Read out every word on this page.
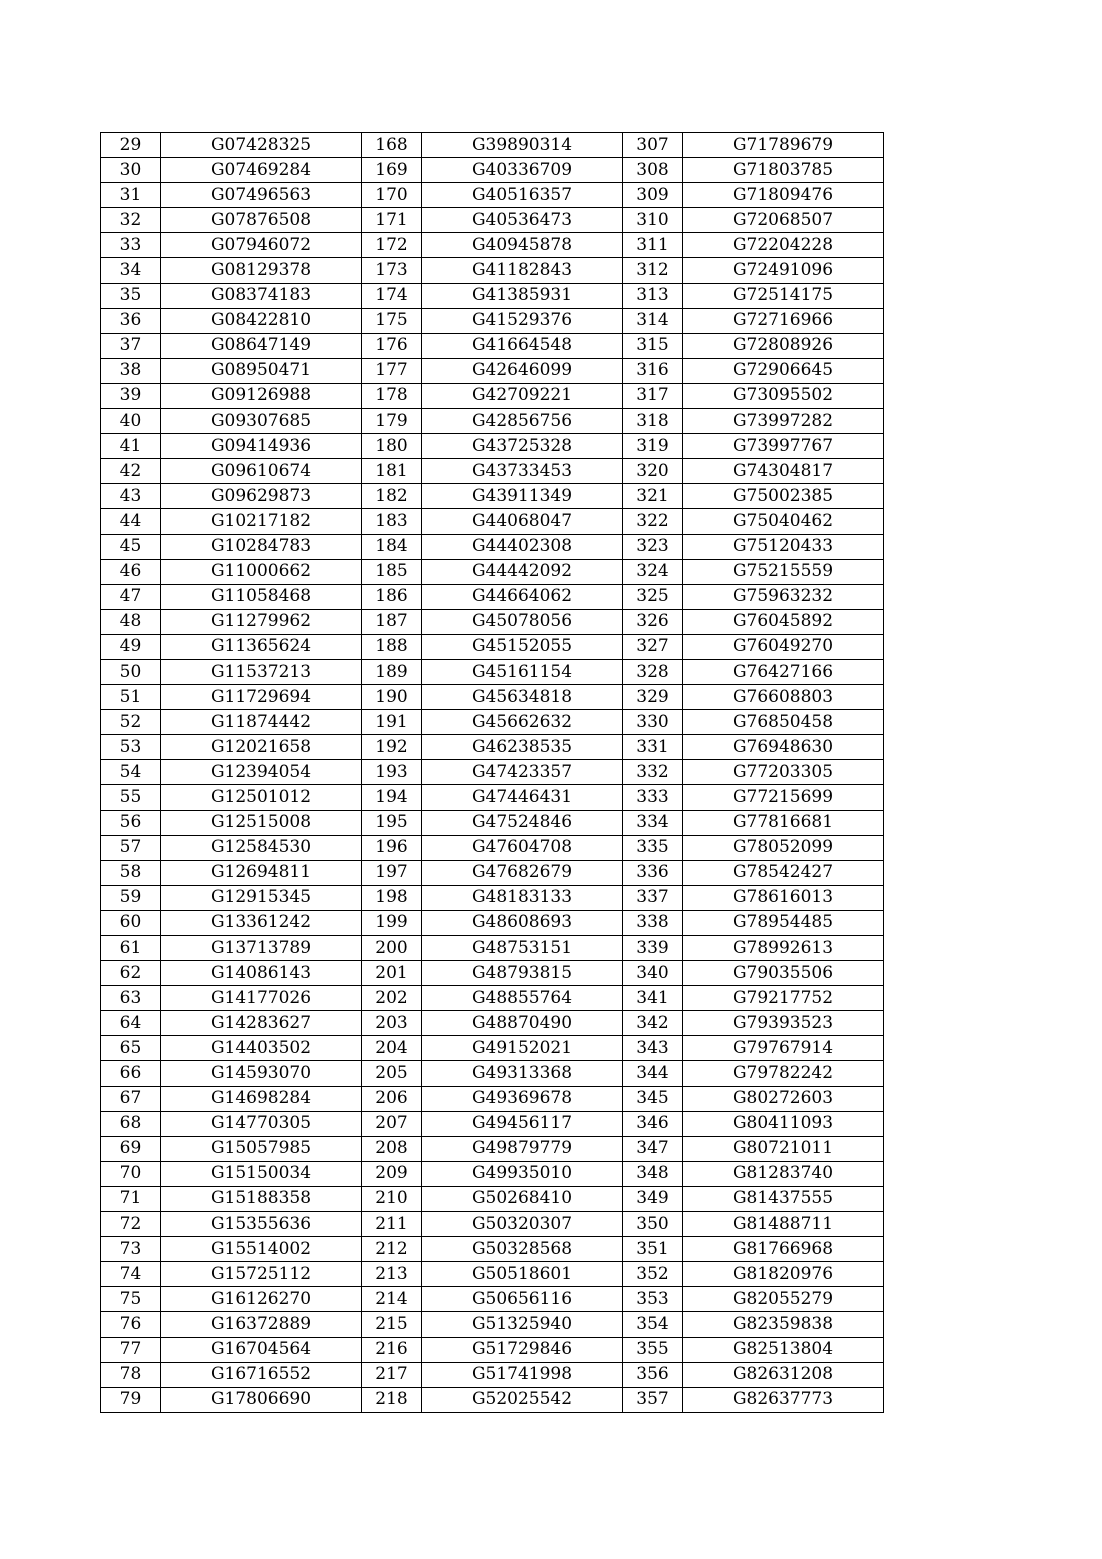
29	G07428325	168	G39890314	307	G71789679
30	G07469284	169	G40336709	308	G71803785
31	G07496563	170	G40516357	309	G71809476
32	G07876508	171	G40536473	310	G72068507
33	G07946072	172	G40945878	311	G72204228
34	G08129378	173	G41182843	312	G72491096
35	G08374183	174	G41385931	313	G72514175
36	G08422810	175	G41529376	314	G72716966
37	G08647149	176	G41664548	315	G72808926
38	G08950471	177	G42646099	316	G72906645
39	G09126988	178	G42709221	317	G73095502
40	G09307685	179	G42856756	318	G73997282
41	G09414936	180	G43725328	319	G73997767
42	G09610674	181	G43733453	320	G74304817
43	G09629873	182	G43911349	321	G75002385
44	G10217182	183	G44068047	322	G75040462
45	G10284783	184	G44402308	323	G75120433
46	G11000662	185	G44442092	324	G75215559
47	G11058468	186	G44664062	325	G75963232
48	G11279962	187	G45078056	326	G76045892
49	G11365624	188	G45152055	327	G76049270
50	G11537213	189	G45161154	328	G76427166
51	G11729694	190	G45634818	329	G76608803
52	G11874442	191	G45662632	330	G76850458
53	G12021658	192	G46238535	331	G76948630
54	G12394054	193	G47423357	332	G77203305
55	G12501012	194	G47446431	333	G77215699
56	G12515008	195	G47524846	334	G77816681
57	G12584530	196	G47604708	335	G78052099
58	G12694811	197	G47682679	336	G78542427
59	G12915345	198	G48183133	337	G78616013
60	G13361242	199	G48608693	338	G78954485
61	G13713789	200	G48753151	339	G78992613
62	G14086143	201	G48793815	340	G79035506
63	G14177026	202	G48855764	341	G79217752
64	G14283627	203	G48870490	342	G79393523
65	G14403502	204	G49152021	343	G79767914
66	G14593070	205	G49313368	344	G79782242
67	G14698284	206	G49369678	345	G80272603
68	G14770305	207	G49456117	346	G80411093
69	G15057985	208	G49879779	347	G80721011
70	G15150034	209	G49935010	348	G81283740
71	G15188358	210	G50268410	349	G81437555
72	G15355636	211	G50320307	350	G81488711
73	G15514002	212	G50328568	351	G81766968
74	G15725112	213	G50518601	352	G81820976
75	G16126270	214	G50656116	353	G82055279
76	G16372889	215	G51325940	354	G82359838
77	G16704564	216	G51729846	355	G82513804
78	G16716552	217	G51741998	356	G82631208
79	G17806690	218	G52025542	357	G82637773
